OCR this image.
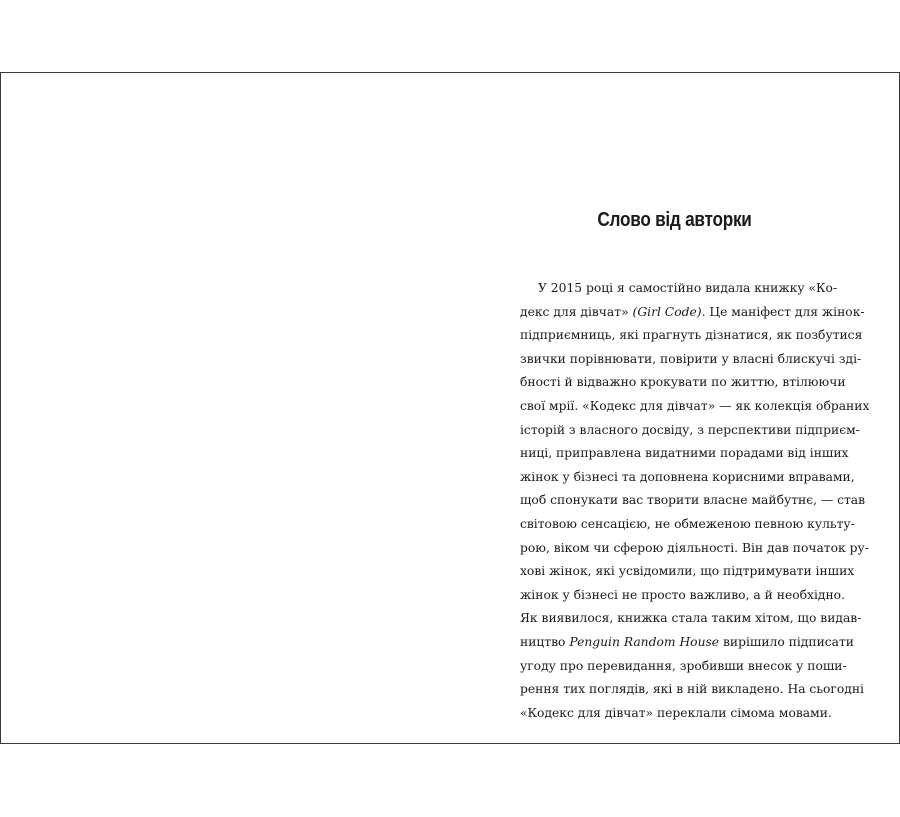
Слово від авторки
У 2015 році я самостійно видала книжку «Ко-
декс для дівчат» (Girl Code). Це маніфест для жінок-
підприємниць, які прагнуть дізнатися, як позбутися
звички порівнювати, повірити у власні блискучі зді-
бності й відважно крокувати по життю, втілюючи
свої мрії. «Кодекс для дівчат» — як колекція обраних
історій з власного досвіду, з перспективи підприєм-
ниці, приправлена видатними порадами від інших
жінок у бізнесі та доповнена корисними вправами,
щоб спонукати вас творити власне майбутнє, — став
світовою сенсацією, не обмеженою певною культу-
рою, віком чи сферою діяльності. Він дав початок ру-
хові жінок, які усвідомили, що підтримувати інших
жінок у бізнесі не просто важливо, а й необхідно.
Як виявилося, книжка стала таким хітом, що видав-
ництво Penguin Random House вирішило підписати
угоду про перевидання, зробивши внесок у поши-
рення тих поглядів, які в ній викладено. На сьогодні
«Кодекс для дівчат» переклали сімома мовами.
